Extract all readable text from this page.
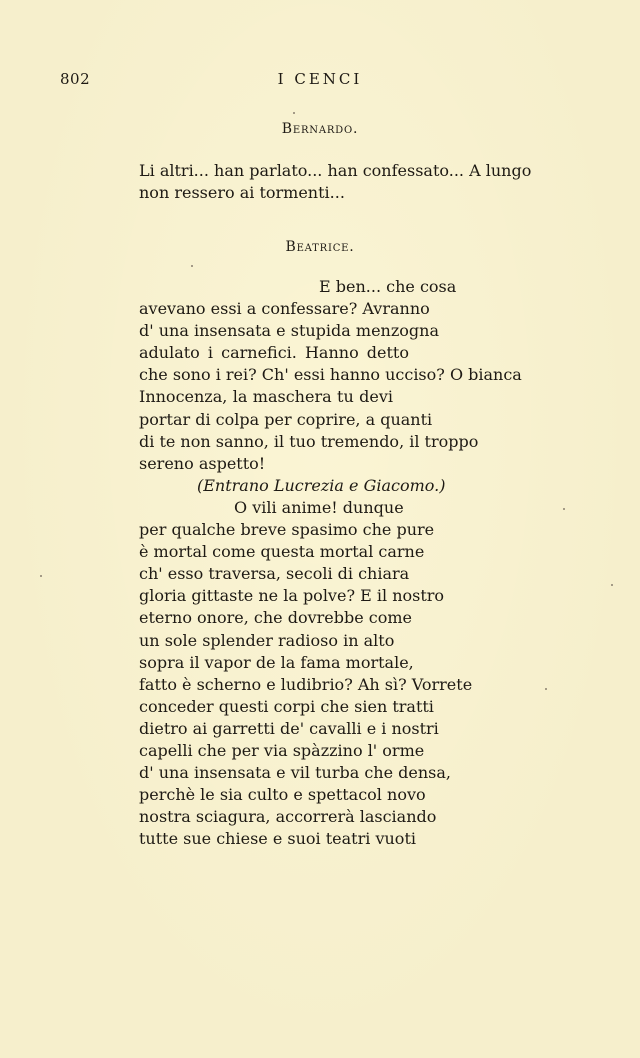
802	I CENCI
Bernardo.
Li altri... han parlato... han confessato... A lungo
non ressero ai tormenti...
Beatrice.
E ben... che cosa
avevano essi a confessare? Avranno
d' una insensata e stupida menzogna
adulato i carnefici. Hanno detto
che sono i rei? Ch' essi hanno ucciso? O bianca
Innocenza, la maschera tu devi
portar di colpa per coprire, a quanti
di te non sanno, il tuo tremendo, il troppo
sereno aspetto!
(Entrano Lucrezia e Giacomo.)
O vili anime! dunque
per qualche breve spasimo che pure
è mortal come questa mortal carne
ch' esso traversa, secoli di chiara
gloria gittaste ne la polve? E il nostro
eterno onore, che dovrebbe come
un sole splender radioso in alto
sopra il vapor de la fama mortale,
fatto è scherno e ludibrio? Ah sì? Vorrete
conceder questi corpi che sien tratti
dietro ai garretti de' cavalli e i nostri
capelli che per via spàzzino l' orme
d' una insensata e vil turba che densa,
perchè le sia culto e spettacol novo
nostra sciagura, accorrerà lasciando
tutte sue chiese e suoi teatri vuoti
